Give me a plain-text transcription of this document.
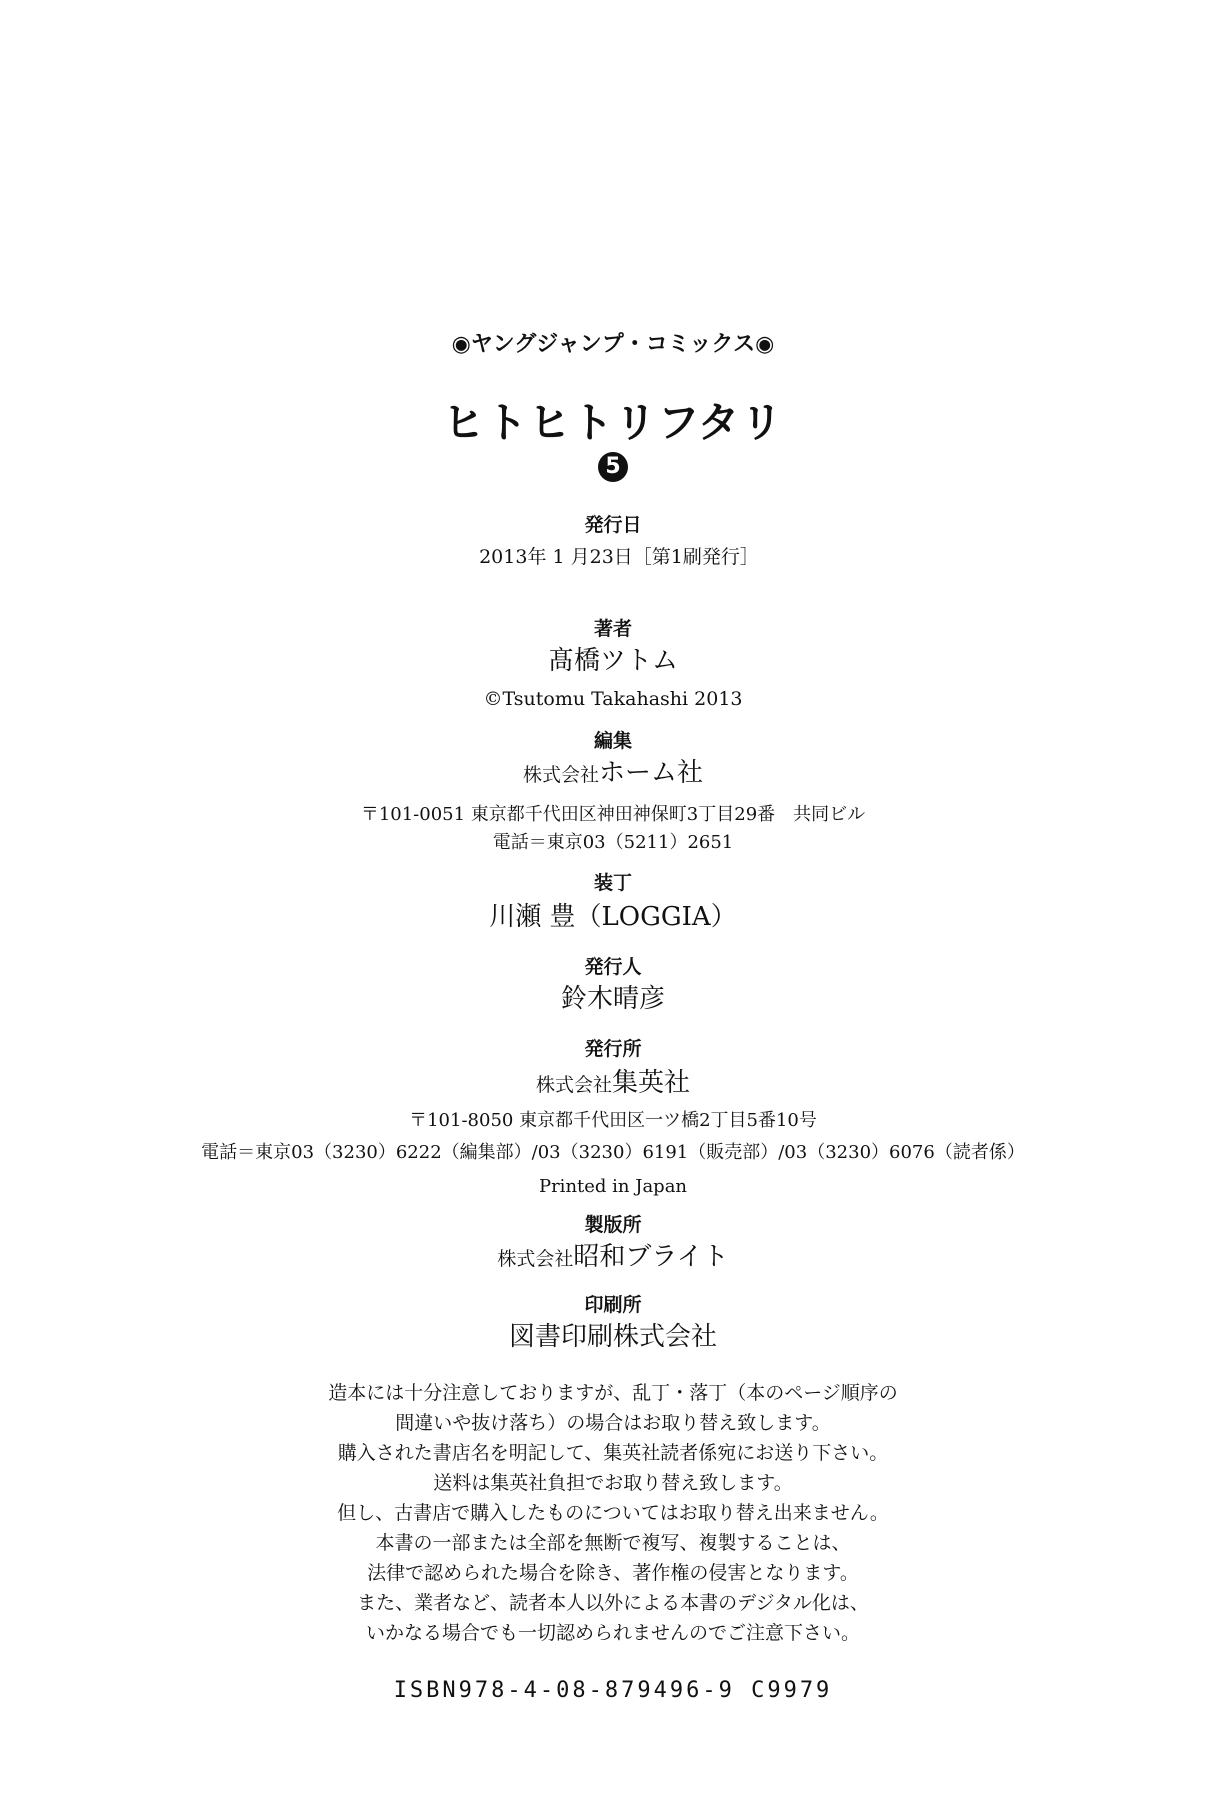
◉ヤングジャンプ・コミックス◉
ヒトヒトリフタリ
5
発行日
2013年 1 月23日［第1刷発行］
著者
髙橋ツトム
©Tsutomu Takahashi 2013
編集
株式会社ホーム社
〒101-0051 東京都千代田区神田神保町3丁目29番　共同ビル
電話＝東京03（5211）2651
装丁
川瀬 豊（LOGGIA）
発行人
鈴木晴彦
発行所
株式会社集英社
〒101-8050 東京都千代田区一ツ橋2丁目5番10号
電話＝東京03（3230）6222（編集部）/03（3230）6191（販売部）/03（3230）6076（読者係）
Printed in Japan
製版所
株式会社昭和ブライト
印刷所
図書印刷株式会社
造本には十分注意しておりますが、乱丁・落丁（本のページ順序の
間違いや抜け落ち）の場合はお取り替え致します。
購入された書店名を明記して、集英社読者係宛にお送り下さい。
送料は集英社負担でお取り替え致します。
但し、古書店で購入したものについてはお取り替え出来ません。
本書の一部または全部を無断で複写、複製することは、
法律で認められた場合を除き、著作権の侵害となります。
また、業者など、読者本人以外による本書のデジタル化は、
いかなる場合でも一切認められませんのでご注意下さい。
ISBN978-4-08-879496-9 C9979
